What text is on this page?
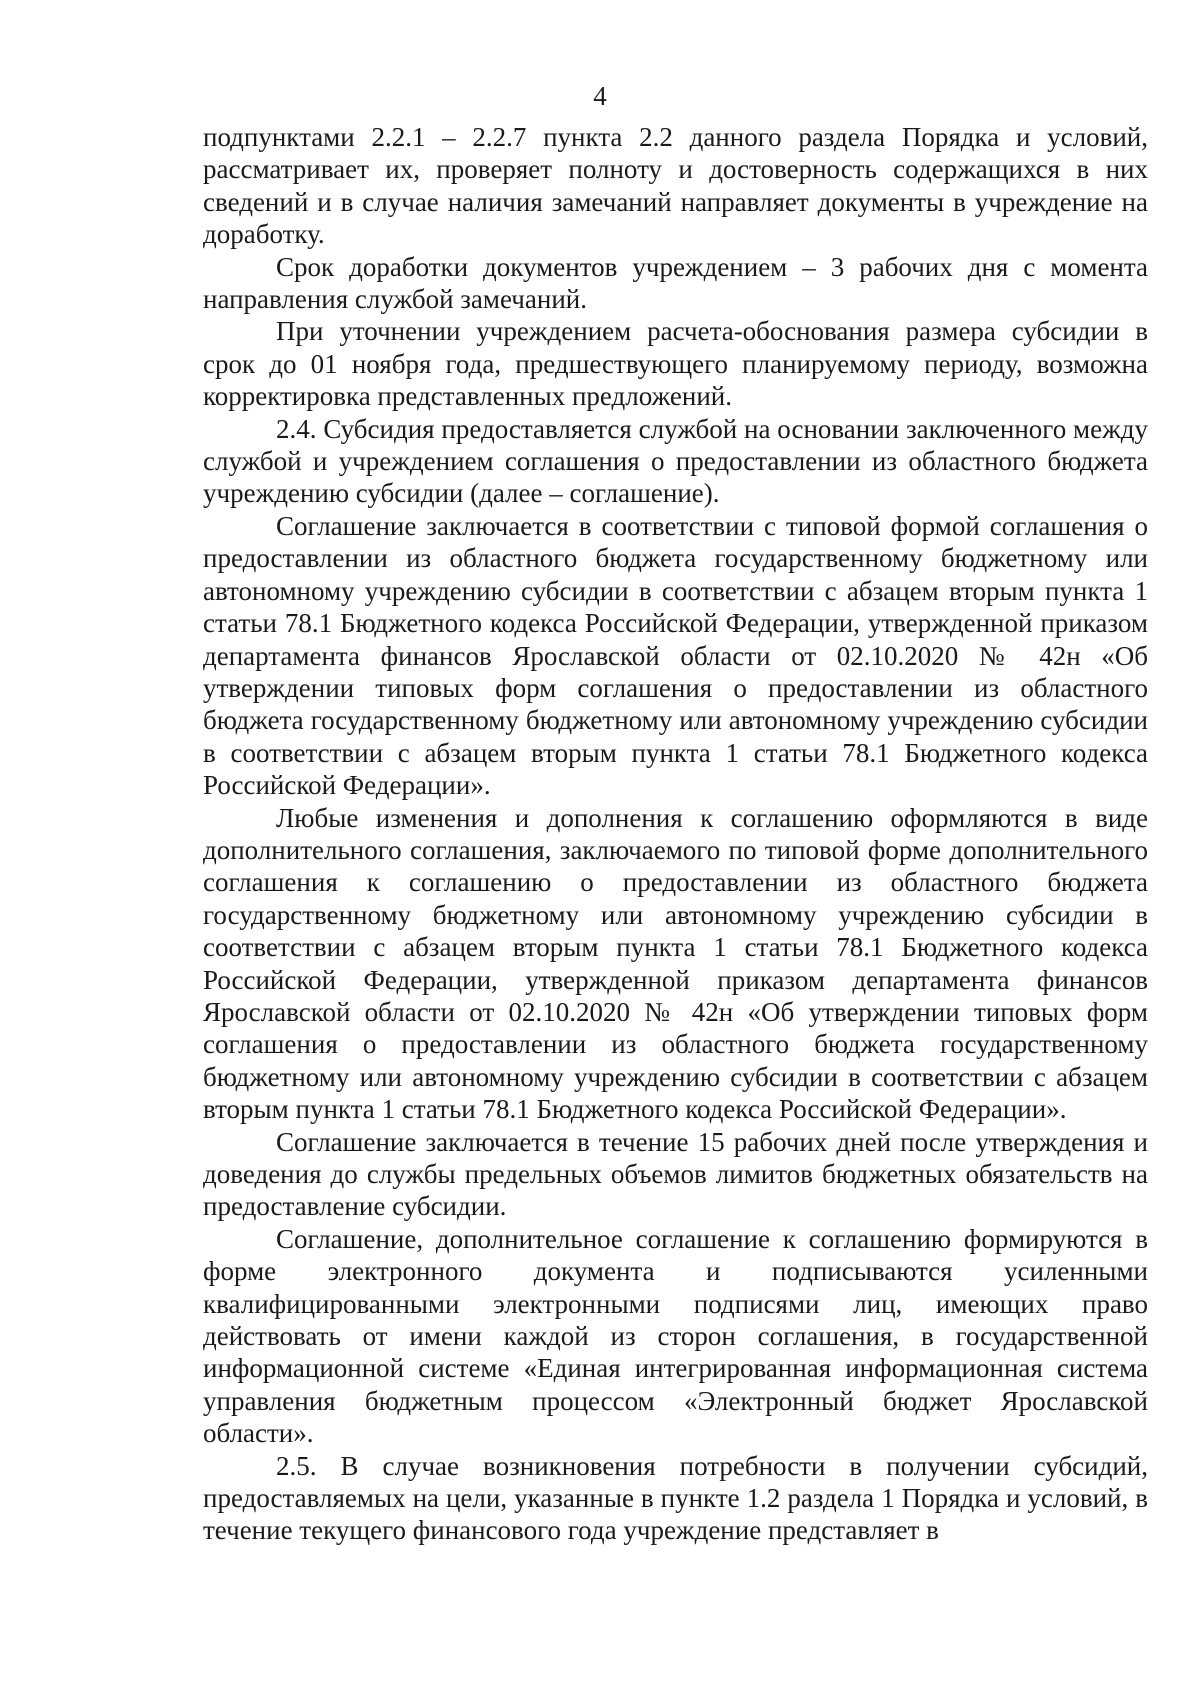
4

подпунктами 2.2.1 – 2.2.7 пункта 2.2 данного раздела Порядка и условий, рассматривает их, проверяет полноту и достоверность содержащихся в них сведений и в случае наличия замечаний направляет документы в учреждение на доработку.

Срок доработки документов учреждением – 3 рабочих дня с момента направления службой замечаний.

При уточнении учреждением расчета-обоснования размера субсидии в срок до 01 ноября года, предшествующего планируемому периоду, возможна корректировка представленных предложений.

2.4. Субсидия предоставляется службой на основании заключенного между службой и учреждением соглашения о предоставлении из областного бюджета учреждению субсидии (далее – соглашение).

Соглашение заключается в соответствии с типовой формой соглашения о предоставлении из областного бюджета государственному бюджетному или автономному учреждению субсидии в соответствии с абзацем вторым пункта 1 статьи 78.1 Бюджетного кодекса Российской Федерации, утвержденной приказом департамента финансов Ярославской области от 02.10.2020 № 42н «Об утверждении типовых форм соглашения о предоставлении из областного бюджета государственному бюджетному или автономному учреждению субсидии в соответствии с абзацем вторым пункта 1 статьи 78.1 Бюджетного кодекса Российской Федерации».

Любые изменения и дополнения к соглашению оформляются в виде дополнительного соглашения, заключаемого по типовой форме дополнительного соглашения к соглашению о предоставлении из областного бюджета государственному бюджетному или автономному учреждению субсидии в соответствии с абзацем вторым пункта 1 статьи 78.1 Бюджетного кодекса Российской Федерации, утвержденной приказом департамента финансов Ярославской области от 02.10.2020 № 42н «Об утверждении типовых форм соглашения о предоставлении из областного бюджета государственному бюджетному или автономному учреждению субсидии в соответствии с абзацем вторым пункта 1 статьи 78.1 Бюджетного кодекса Российской Федерации».

Соглашение заключается в течение 15 рабочих дней после утверждения и доведения до службы предельных объемов лимитов бюджетных обязательств на предоставление субсидии.

Соглашение, дополнительное соглашение к соглашению формируются в форме электронного документа и подписываются усиленными квалифицированными электронными подписями лиц, имеющих право действовать от имени каждой из сторон соглашения, в государственной информационной системе «Единая интегрированная информационная система управления бюджетным процессом «Электронный бюджет Ярославской области».

2.5. В случае возникновения потребности в получении субсидий, предоставляемых на цели, указанные в пункте 1.2 раздела 1 Порядка и условий, в течение текущего финансового года учреждение представляет в
